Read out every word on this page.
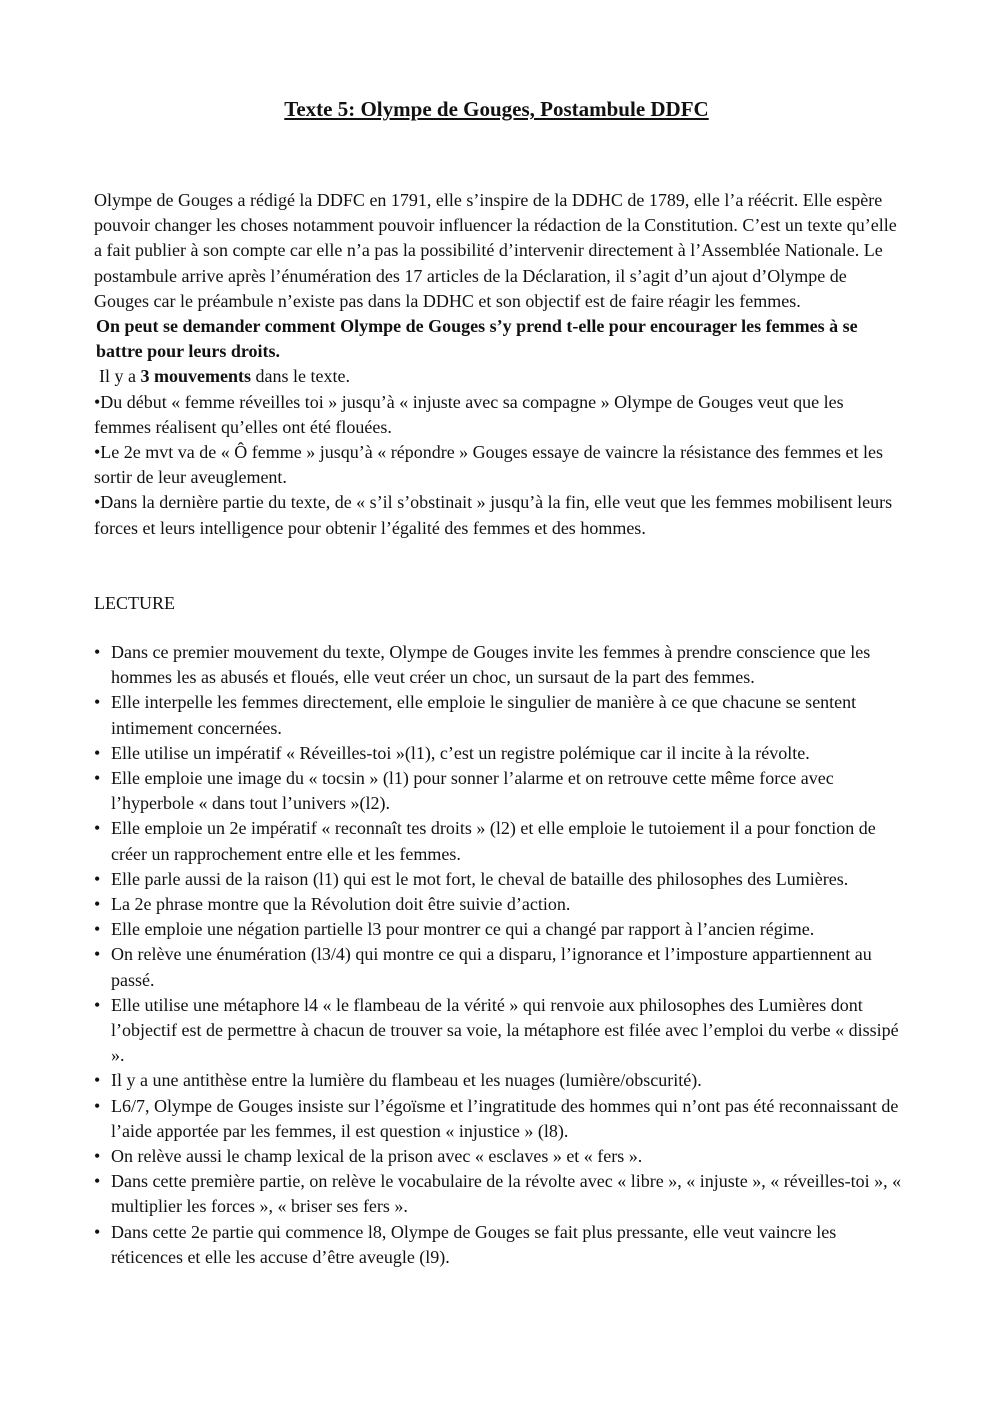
Texte 5: Olympe de Gouges, Postambule DDFC

Olympe de Gouges a rédigé la DDFC en 1791, elle s’inspire de la DDHC de 1789, elle l’a réécrit. Elle espère pouvoir changer les choses notamment pouvoir influencer la rédaction de la Constitution. C’est un texte qu’elle a fait publier à son compte car elle n’a pas la possibilité d’intervenir directement à l’Assemblée Nationale. Le postambule arrive après l’énumération des 17 articles de la Déclaration, il s’agit d’un ajout d’Olympe de Gouges car le préambule n’existe pas dans la DDHC et son objectif est de faire réagir les femmes.

On peut se demander comment Olympe de Gouges s’y prend t-elle pour encourager les femmes à se battre pour leurs droits.

Il y a 3 mouvements dans le texte.

•Du début « femme réveilles toi » jusqu’à « injuste avec sa compagne » Olympe de Gouges veut que les femmes réalisent qu’elles ont été flouées.

•Le 2e mvt va de « Ô femme » jusqu’à « répondre » Gouges essaye de vaincre la résistance des femmes et les sortir de leur aveuglement.

•Dans la dernière partie du texte, de « s’il s’obstinait » jusqu’à la fin, elle veut que les femmes mobilisent leurs forces et leurs intelligence pour obtenir l’égalité des femmes et des hommes.

LECTURE
• Dans ce premier mouvement du texte, Olympe de Gouges invite les femmes à prendre conscience que les hommes les as abusés et floués, elle veut créer un choc, un sursaut de la part des femmes.
• Elle interpelle les femmes directement, elle emploie le singulier de manière à ce que chacune se sentent intimement concernées.
• Elle utilise un impératif « Réveilles-toi »(l1), c’est un registre polémique car il incite à la révolte.
• Elle emploie une image du « tocsin » (l1) pour sonner l’alarme et on retrouve cette même force avec l’hyperbole « dans tout l’univers »(l2).
• Elle emploie un 2e impératif « reconnaît tes droits » (l2) et elle emploie le tutoiement il a pour fonction de créer un rapprochement entre elle et les femmes.
• Elle parle aussi de la raison (l1) qui est le mot fort, le cheval de bataille des philosophes des Lumières.
• La 2e phrase montre que la Révolution doit être suivie d’action.
• Elle emploie une négation partielle l3 pour montrer ce qui a changé par rapport à l’ancien régime.
• On relève une énumération (l3/4) qui montre ce qui a disparu, l’ignorance et l’imposture appartiennent au passé.
• Elle utilise une métaphore l4 « le flambeau de la vérité » qui renvoie aux philosophes des Lumières dont l’objectif est de permettre à chacun de trouver sa voie, la métaphore est filée avec l’emploi du verbe « dissipé ».
• Il y a une antithèse entre la lumière du flambeau et les nuages (lumière/obscurité).
• L6/7, Olympe de Gouges insiste sur l’égoïsme et l’ingratitude des hommes qui n’ont pas été reconnaissant de l’aide apportée par les femmes, il est question « injustice » (l8).
• On relève aussi le champ lexical de la prison avec « esclaves » et « fers ».
• Dans cette première partie, on relève le vocabulaire de la révolte avec « libre », « injuste », « réveilles-toi », « multiplier les forces », « briser ses fers ».
• Dans cette 2e partie qui commence l8, Olympe de Gouges se fait plus pressante, elle veut vaincre les réticences et elle les accuse d’être aveugle (l9).
